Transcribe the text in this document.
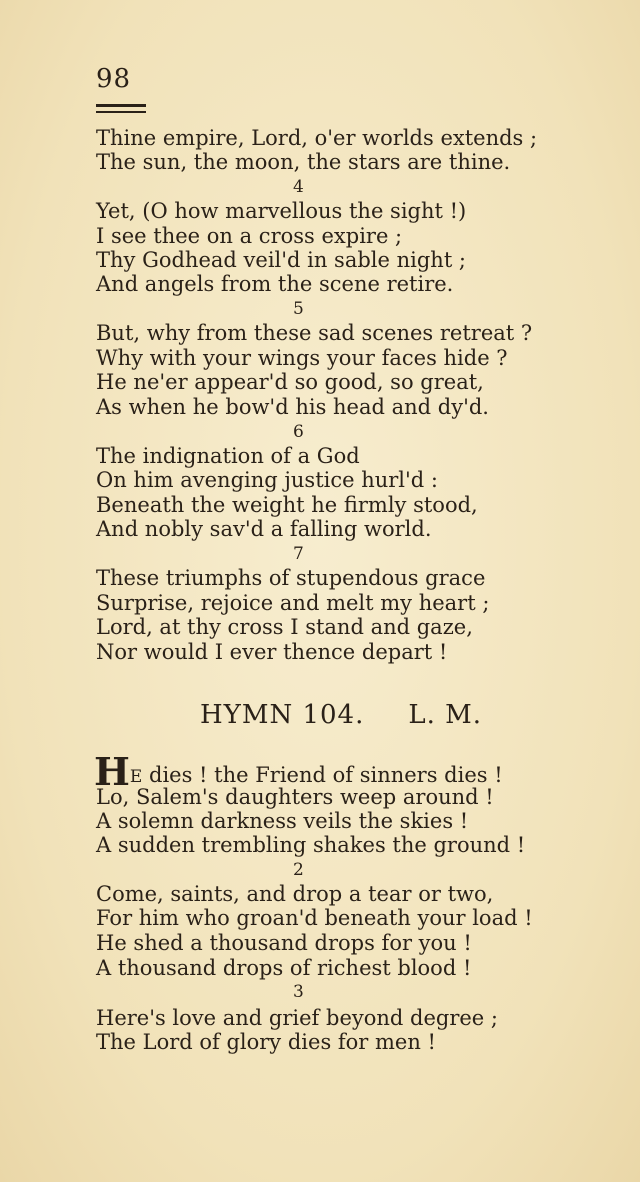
98
Thine empire, Lord, o'er worlds extends ;
The sun, the moon, the stars are thine.
4
Yet, (O how marvellous the sight !)
I see thee on a cross expire ;
Thy Godhead veil'd in sable night ;
And angels from the scene retire.
5
But, why from these sad scenes retreat ?
Why with your wings your faces hide ?
He ne'er appear'd so good, so great,
As when he bow'd his head and dy'd.
6
The indignation of a God
On him avenging justice hurl'd :
Beneath the weight he firmly stood,
And nobly sav'd a falling world.
7
These triumphs of stupendous grace
Surprise, rejoice and melt my heart ;
Lord, at thy cross I stand and gaze,
Nor would I ever thence depart !
HYMN 104. L. M.
HE dies ! the Friend of sinners dies !
Lo, Salem's daughters weep around !
A solemn darkness veils the skies !
A sudden trembling shakes the ground !
2
Come, saints, and drop a tear or two,
For him who groan'd beneath your load !
He shed a thousand drops for you !
A thousand drops of richest blood !
3
Here's love and grief beyond degree ;
The Lord of glory dies for men !
